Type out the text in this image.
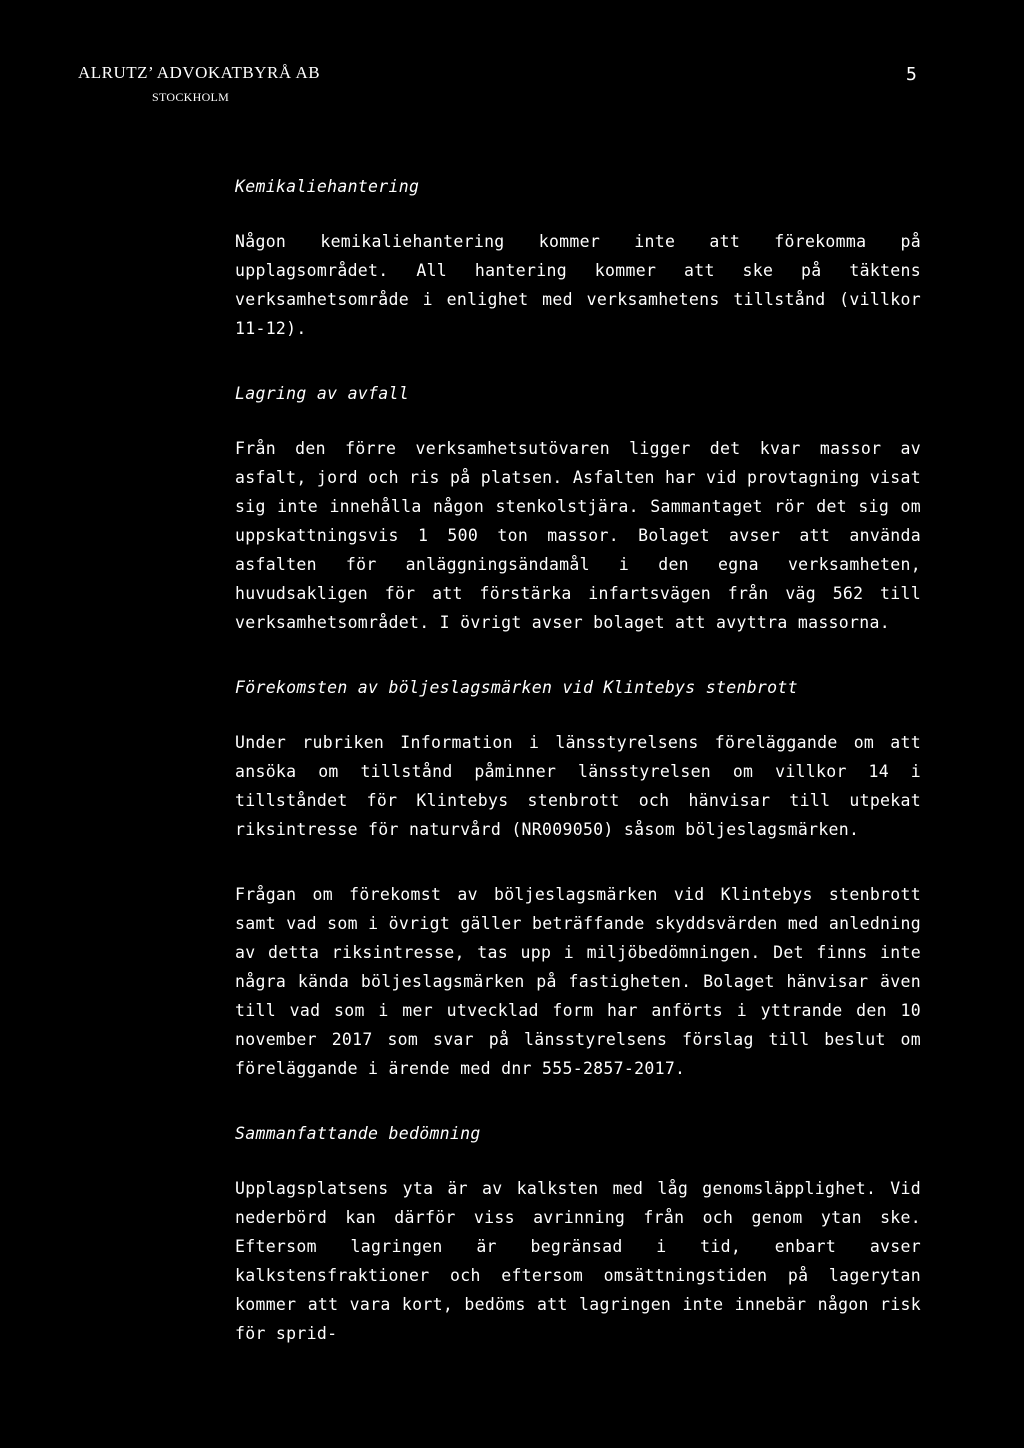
ALRUTZ’ ADVOKATBYRÅ AB
STOCKHOLM
5
Kemikaliehantering

Någon kemikaliehantering kommer inte att förekomma på upplagsområdet. All hantering kommer att ske på täktens verksamhetsområde i enlighet med verksamhetens tillstånd (villkor 11-12).

Lagring av avfall

Från den förre verksamhetsutövaren ligger det kvar massor av asfalt, jord och ris på platsen. Asfalten har vid provtagning visat sig inte innehålla någon stenkolstjära. Sammantaget rör det sig om uppskattningsvis 1 500 ton massor. Bolaget avser att använda asfalten för anläggningsändamål i den egna verksamheten, huvudsakligen för att förstärka infartsvägen från väg 562 till verksamhetsområdet. I övrigt avser bolaget att avyttra massorna.

Förekomsten av böljeslagsmärken vid Klintebys stenbrott

Under rubriken Information i länsstyrelsens föreläggande om att ansöka om tillstånd påminner länsstyrelsen om villkor 14 i tillståndet för Klintebys stenbrott och hänvisar till utpekat riksintresse för naturvård (NR009050) såsom böljeslagsmärken.

Frågan om förekomst av böljeslagsmärken vid Klintebys stenbrott samt vad som i övrigt gäller beträffande skyddsvärden med anledning av detta riksintresse, tas upp i miljöbedömningen. Det finns inte några kända böljeslagsmärken på fastigheten. Bolaget hänvisar även till vad som i mer utvecklad form har anförts i yttrande den 10 november 2017 som svar på länsstyrelsens förslag till beslut om föreläggande i ärende med dnr 555-2857-2017.

Sammanfattande bedömning

Upplagsplatsens yta är av kalksten med låg genomsläpplighet. Vid nederbörd kan därför viss avrinning från och genom ytan ske. Eftersom lagringen är begränsad i tid, enbart avser kalkstensfraktioner och eftersom omsättningstiden på lagerytan kommer att vara kort, bedöms att lagringen inte innebär någon risk för sprid-
